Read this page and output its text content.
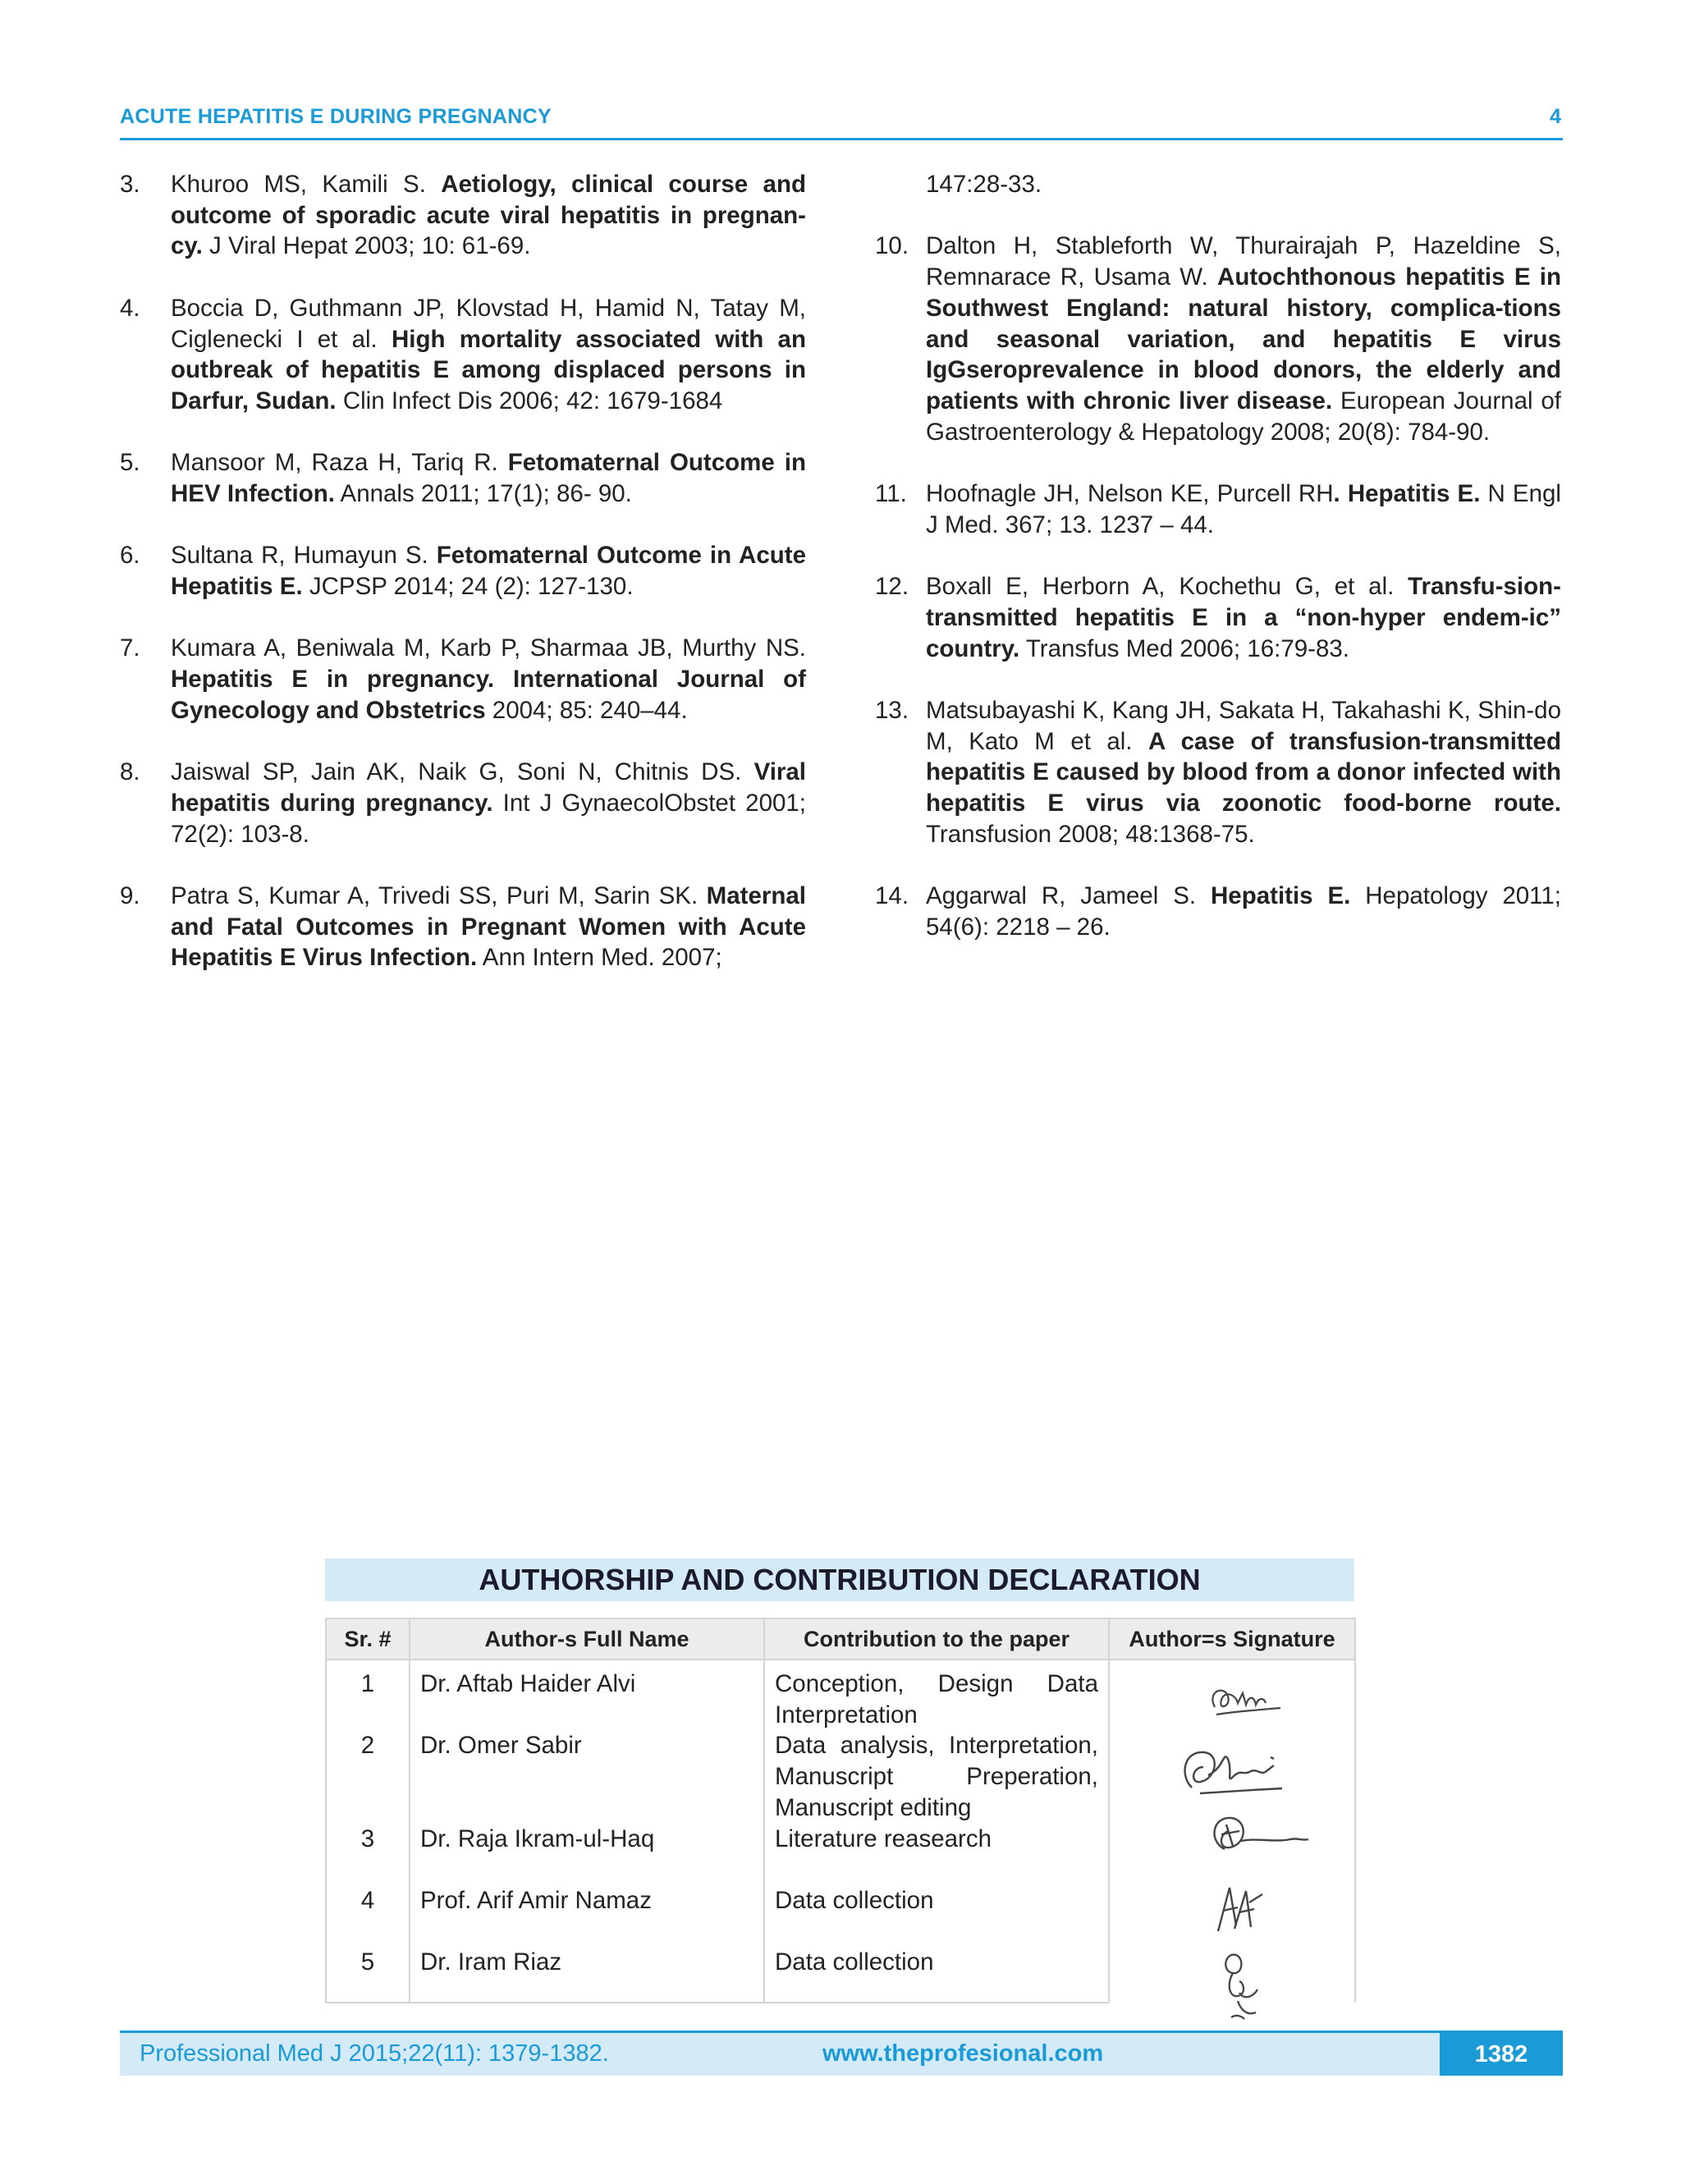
ACUTE HEPATITIS E DURING PREGNANCY	4
3. Khuroo MS, Kamili S. Aetiology, clinical course and outcome of sporadic acute viral hepatitis in pregnan-cy. J Viral Hepat 2003; 10: 61-69.
4. Boccia D, Guthmann JP, Klovstad H, Hamid N, Tatay M, Ciglenecki I et al. High mortality associated with an outbreak of hepatitis E among displaced persons in Darfur, Sudan. Clin Infect Dis 2006; 42: 1679-1684
5. Mansoor M, Raza H, Tariq R. Fetomaternal Outcome in HEV Infection. Annals 2011; 17(1); 86- 90.
6. Sultana R, Humayun S. Fetomaternal Outcome in Acute Hepatitis E. JCPSP 2014; 24 (2): 127-130.
7. Kumara A, Beniwala M, Karb P, Sharmaa JB, Murthy NS. Hepatitis E in pregnancy. International Journal of Gynecology and Obstetrics 2004; 85: 240–44.
8. Jaiswal SP, Jain AK, Naik G, Soni N, Chitnis DS. Viral hepatitis during pregnancy. Int J GynaecolObstet 2001; 72(2): 103-8.
9. Patra S, Kumar A, Trivedi SS, Puri M, Sarin SK. Maternal and Fatal Outcomes in Pregnant Women with Acute Hepatitis E Virus Infection. Ann Intern Med. 2007;
147:28-33.
10. Dalton H, Stableforth W, Thurairajah P, Hazeldine S, Remnarace R, Usama W. Autochthonous hepatitis E in Southwest England: natural history, complica-tions and seasonal variation, and hepatitis E virus IgGseroprevalence in blood donors, the elderly and patients with chronic liver disease. European Journal of Gastroenterology & Hepatology 2008; 20(8): 784-90.
11. Hoofnagle JH, Nelson KE, Purcell RH. Hepatitis E. N Engl J Med. 367; 13. 1237 – 44.
12. Boxall E, Herborn A, Kochethu G, et al. Transfu-sion-transmitted hepatitis E in a “non-hyper endem-ic” country. Transfus Med 2006; 16:79-83.
13. Matsubayashi K, Kang JH, Sakata H, Takahashi K, Shin-do M, Kato M et al. A case of transfusion-transmitted hepatitis E caused by blood from a donor infected with hepatitis E virus via zoonotic food-borne route. Transfusion 2008; 48:1368-75.
14. Aggarwal R, Jameel S. Hepatitis E. Hepatology 2011; 54(6): 2218 – 26.
AUTHORSHIP AND CONTRIBUTION DECLARATION
Sr. #	Author-s Full Name	Contribution to the paper	Author=s Signature
1	Dr. Aftab Haider Alvi	Conception, Design Data Interpretation	

2	Dr. Omer Sabir	Data analysis, Interpretation, Manuscript Preperation, Manuscript editing	
3	Dr. Raja Ikram-ul-Haq	Literature reasearch	
4	Prof. Arif Amir Namaz	Data collection	
5	Dr. Iram Riaz	Data collection	
Professional Med J 2015;22(11): 1379-1382.	www.theprofesional.com	1382
